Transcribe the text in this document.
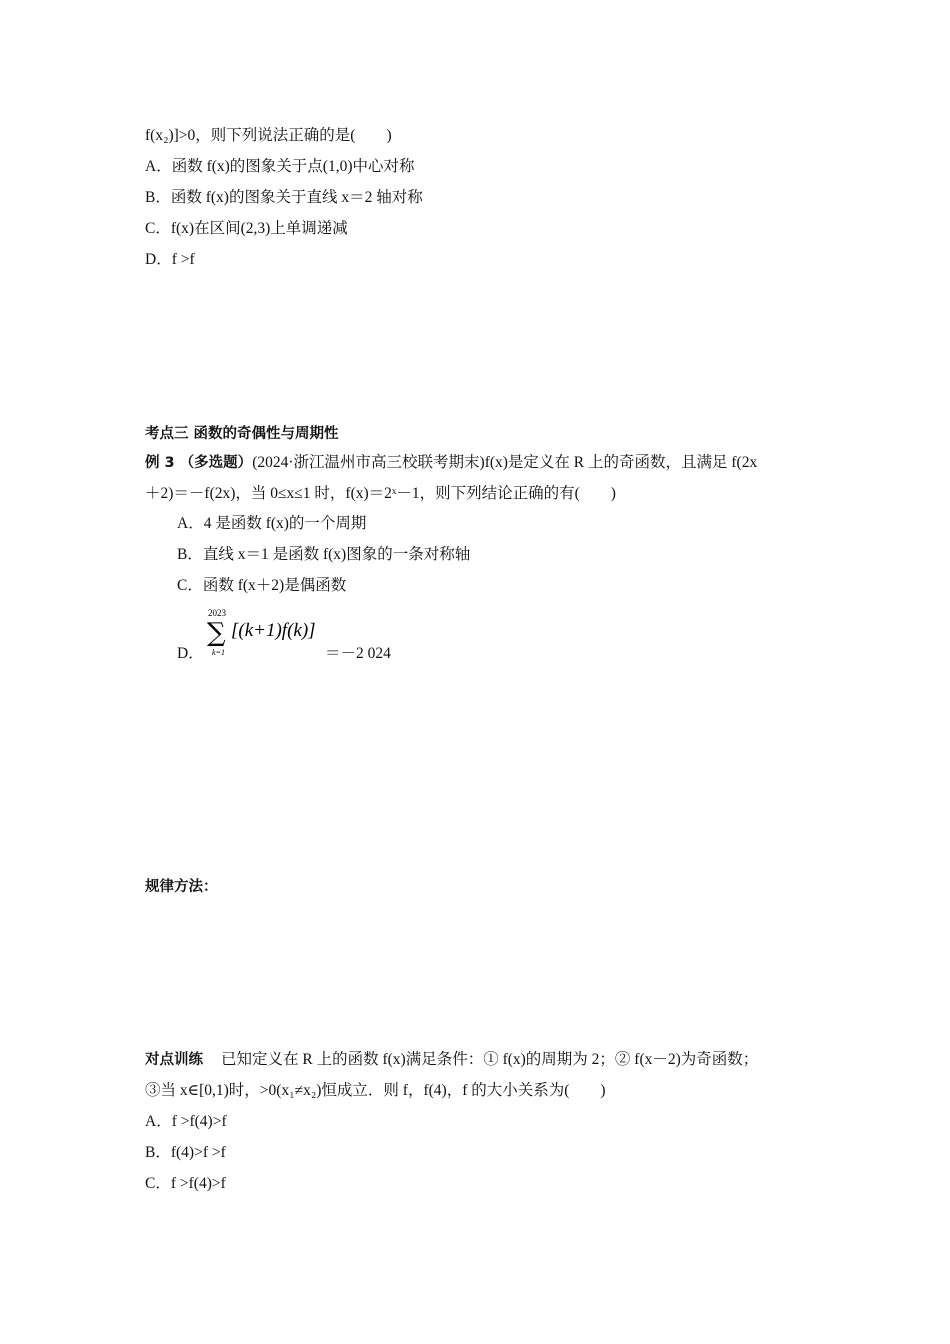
f(x₂)]>0，则下列说法正确的是(　　)
A．函数 f(x)的图象关于点(1,0)中心对称
B．函数 f(x)的图象关于直线 x＝2 轴对称
C．f(x)在区间(2,3)上单调递减
D．f >f
考点三 函数的奇偶性与周期性
例 3 （多选题）(2024·浙江温州市高三校联考期末)f(x)是定义在 R 上的奇函数，且满足 f(2x
＋2)＝－f(2x)，当 0≤x≤1 时，f(x)＝2ˣ－1，则下列结论正确的有(　　)
A．4 是函数 f(x)的一个周期
B．直线 x＝1 是函数 f(x)图象的一条对称轴
C．函数 f(x＋2)是偶函数
D．
2023
∑
k=1
[(k+1)f(k)]
＝－2 024
规律方法：
对点训练 已知定义在 R 上的函数 f(x)满足条件：① f(x)的周期为 2；② f(x－2)为奇函数；
③当 x∈[0,1)时，>0(x₁≠x₂)恒成立．则 f，f(4)，f 的大小关系为(　　)
A．f >f(4)>f
B．f(4)>f >f
C．f >f(4)>f
